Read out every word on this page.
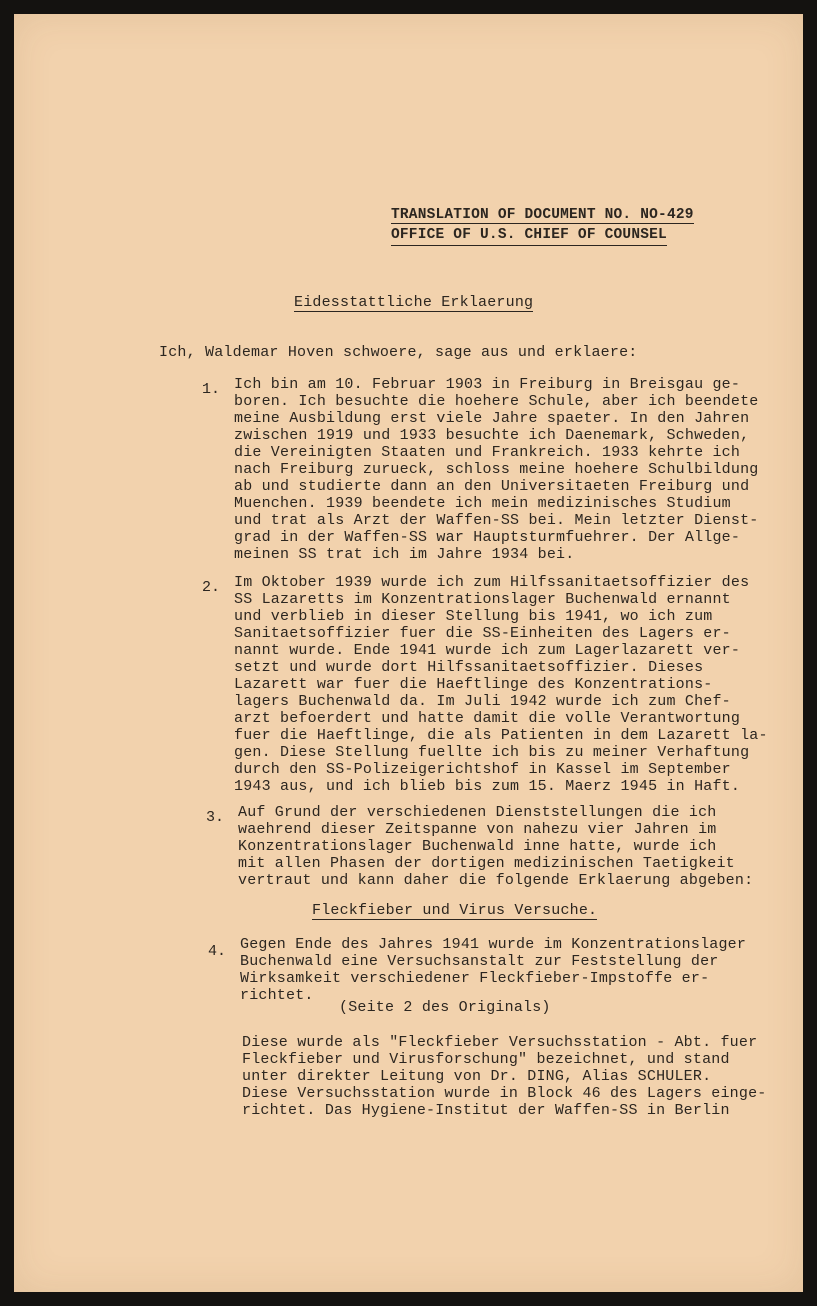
TRANSLATION OF DOCUMENT NO. NO-429
OFFICE OF U.S. CHIEF OF COUNSEL
Eidesstattliche Erklaerung
Ich, Waldemar Hoven schwoere, sage aus und erklaere:
1. Ich bin am 10. Februar 1903 in Freiburg in Breisgau ge-
boren. Ich besuchte die hoehere Schule, aber ich beendete
meine Ausbildung erst viele Jahre spaeter. In den Jahren
zwischen 1919 und 1933 besuchte ich Daenemark, Schweden,
die Vereinigten Staaten und Frankreich. 1933 kehrte ich
nach Freiburg zurueck, schloss meine hoehere Schulbildung
ab und studierte dann an den Universitaeten Freiburg und
Muenchen. 1939 beendete ich mein medizinisches Studium
und trat als Arzt der Waffen-SS bei. Mein letzter Dienst-
grad in der Waffen-SS war Hauptsturmfuehrer. Der Allge-
meinen SS trat ich im Jahre 1934 bei.
2. Im Oktober 1939 wurde ich zum Hilfssanitaetsoffizier des
SS Lazaretts im Konzentrationslager Buchenwald ernannt
und verblieb in dieser Stellung bis 1941, wo ich zum
Sanitaetsoffizier fuer die SS-Einheiten des Lagers er-
nannt wurde. Ende 1941 wurde ich zum Lagerlazarett ver-
setzt und wurde dort Hilfssanitaetsoffizier. Dieses
Lazarett war fuer die Haeftlinge des Konzentrations-
lagers Buchenwald da. Im Juli 1942 wurde ich zum Chef-
arzt befoerdert und hatte damit die volle Verantwortung
fuer die Haeftlinge, die als Patienten in dem Lazarett la-
gen. Diese Stellung fuellte ich bis zu meiner Verhaftung
durch den SS-Polizeigerichtshof in Kassel im September
1943 aus, und ich blieb bis zum 15. Maerz 1945 in Haft.
3. Auf Grund der verschiedenen Dienststellungen die ich
waehrend dieser Zeitspanne von nahezu vier Jahren im
Konzentrationslager Buchenwald inne hatte, wurde ich
mit allen Phasen der dortigen medizinischen Taetigkeit
vertraut und kann daher die folgende Erklaerung abgeben:
Fleckfieber und Virus Versuche.
4. Gegen Ende des Jahres 1941 wurde im Konzentrationslager
Buchenwald eine Versuchsanstalt zur Feststellung der
Wirksamkeit verschiedener Fleckfieber-Impstoffe er-
richtet.
(Seite 2 des Originals)
Diese wurde als "Fleckfieber Versuchsstation - Abt. fuer
Fleckfieber und Virusforschung" bezeichnet, und stand
unter direkter Leitung von Dr. DING, Alias SCHULER.
Diese Versuchsstation wurde in Block 46 des Lagers einge-
richtet. Das Hygiene-Institut der Waffen-SS in Berlin
